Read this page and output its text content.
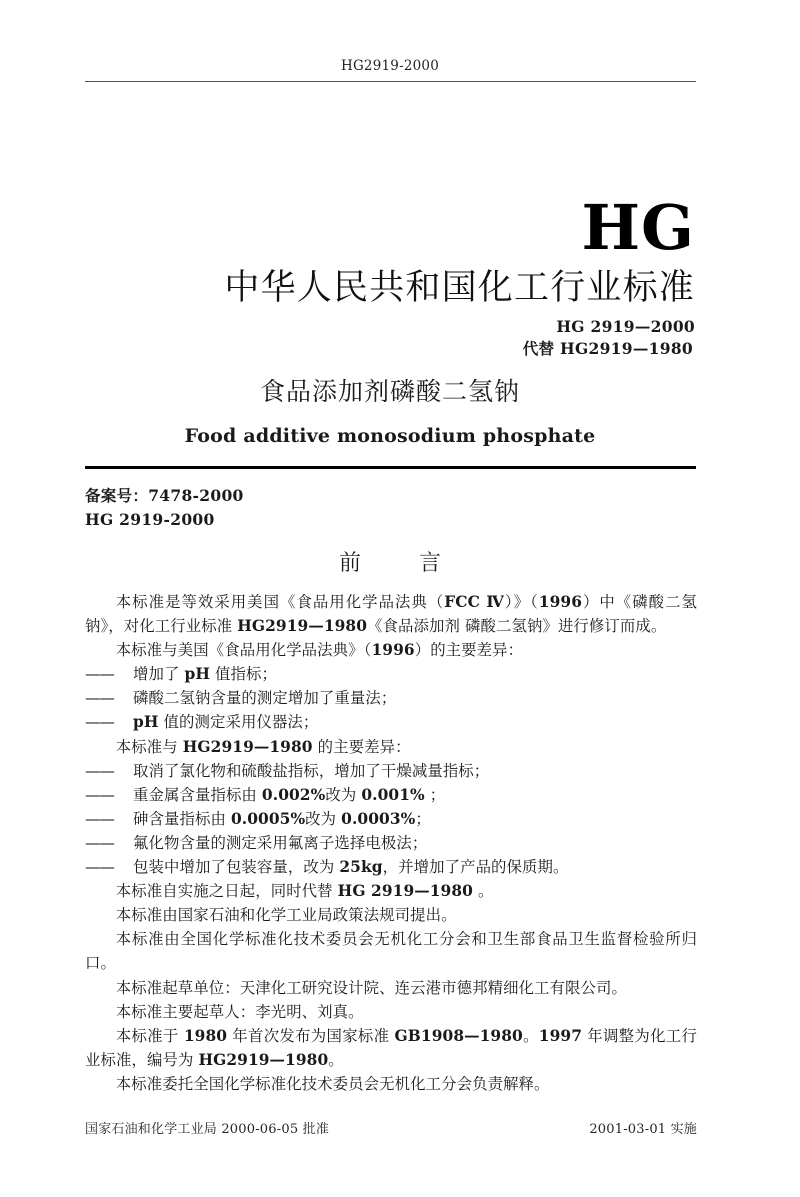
HG2919-2000
HG
中华人民共和国化工行业标准
HG 2919—2000
代替 HG2919—1980
食品添加剂磷酸二氢钠
Food additive monosodium phosphate
备案号：7478-2000
HG 2919-2000
前　言

本标准是等效采用美国《食品用化学品法典（FCC Ⅳ）》（1996）中《磷酸二氢钠》，对化工行业标准 HG2919—1980《食品添加剂 磷酸二氢钠》进行修订而成。

本标准与美国《食品用化学品法典》（1996）的主要差异：

—— 增加了 pH 值指标；

—— 磷酸二氢钠含量的测定增加了重量法；

—— pH 值的测定采用仪器法；

本标准与 HG2919—1980 的主要差异：

—— 取消了氯化物和硫酸盐指标，增加了干燥减量指标；

—— 重金属含量指标由 0.002%改为 0.001% ；

—— 砷含量指标由 0.0005%改为 0.0003%；

—— 氟化物含量的测定采用氟离子选择电极法；

—— 包装中增加了包装容量，改为 25kg，并增加了产品的保质期。

本标准自实施之日起，同时代替 HG 2919—1980 。

本标准由国家石油和化学工业局政策法规司提出。

本标准由全国化学标准化技术委员会无机化工分会和卫生部食品卫生监督检验所归口。

本标准起草单位：天津化工研究设计院、连云港市德邦精细化工有限公司。

本标准主要起草人：李光明、刘真。

本标准于 1980 年首次发布为国家标准 GB1908—1980。1997 年调整为化工行业标准，编号为 HG2919—1980。

本标准委托全国化学标准化技术委员会无机化工分会负责解释。

国家石油和化学工业局 2000-06-05 批准	2001-03-01 实施
